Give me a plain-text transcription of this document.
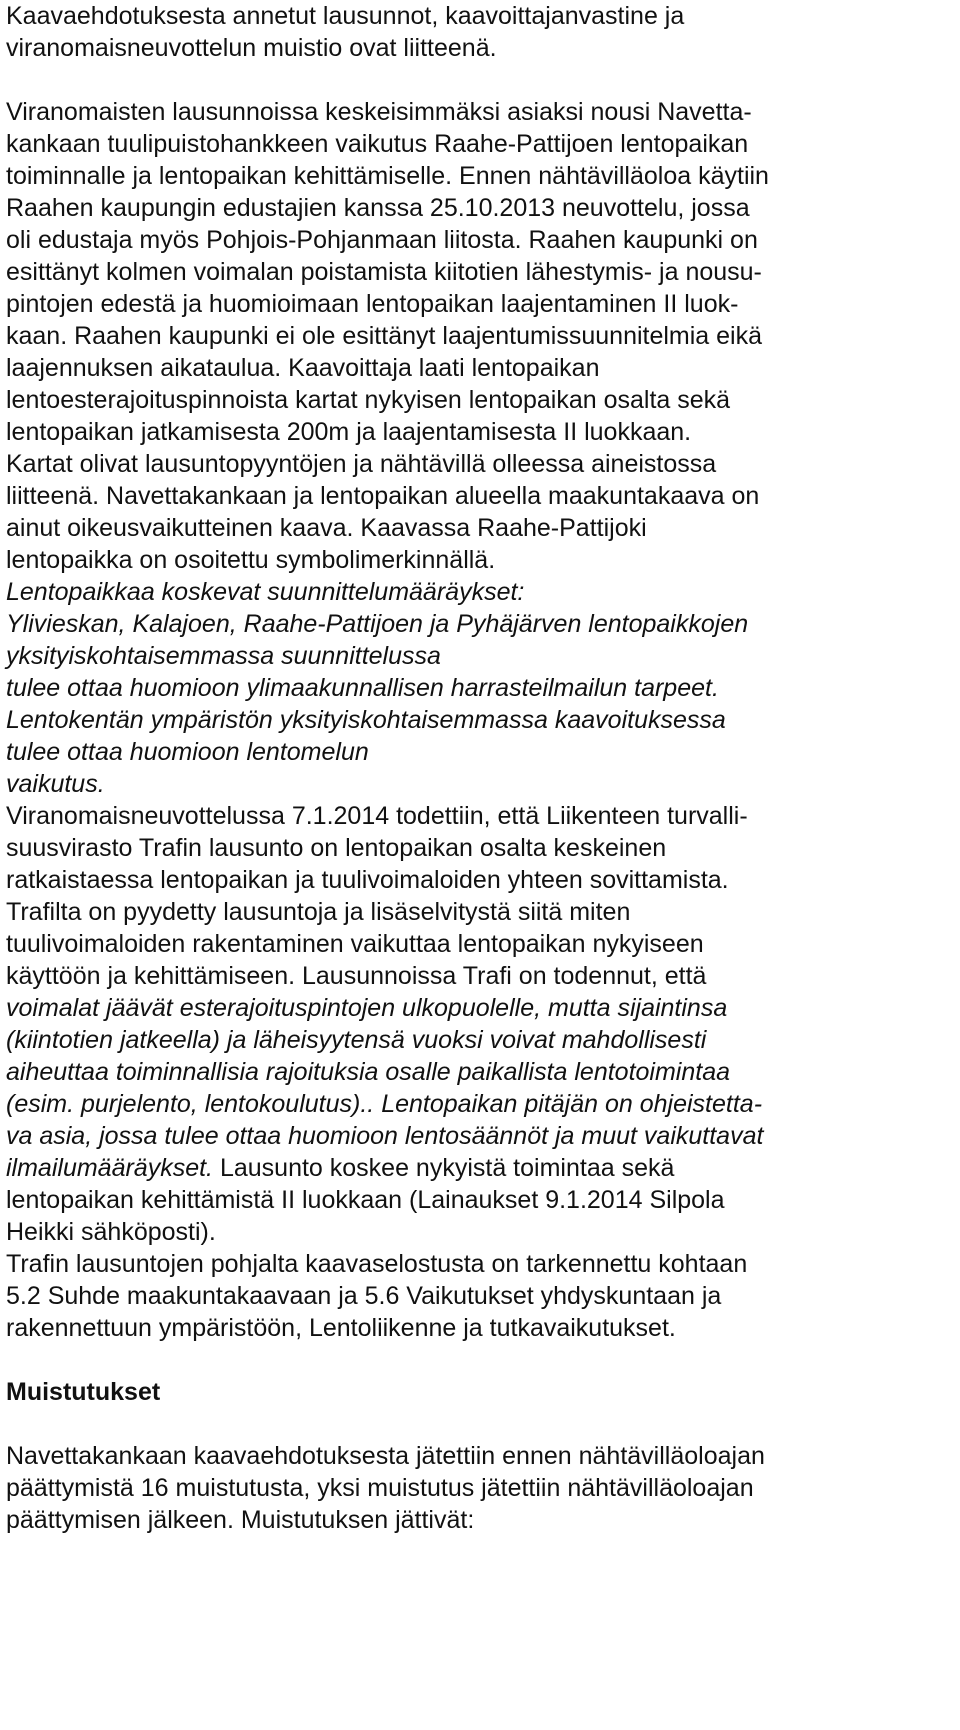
Kaavaehdotuksesta annetut lausunnot, kaavoittajanvastine ja

viranomaisneuvottelun muistio ovat liitteenä.

Viranomaisten lausunnoissa keskeisimmäksi asiaksi nousi Navetta-

kankaan tuulipuistohankkeen vaikutus Raahe-Pattijoen lentopaikan

toiminnalle ja lentopaikan kehittämiselle. Ennen nähtävilläoloa käytiin

Raahen kaupungin edustajien kanssa 25.10.2013 neuvottelu, jossa

oli edustaja myös Pohjois-Pohjanmaan liitosta. Raahen kaupunki on

esittänyt kolmen voimalan poistamista kiitotien lähestymis- ja nousu-

pintojen edestä ja huomioimaan lentopaikan laajentaminen II luok-

kaan. Raahen kaupunki ei ole esittänyt laajentumissuunnitelmia eikä

laajennuksen aikataulua. Kaavoittaja laati lentopaikan

lentoesterajoituspinnoista kartat nykyisen lentopaikan osalta sekä

lentopaikan jatkamisesta 200m ja laajentamisesta II luokkaan.

Kartat olivat lausuntopyyntöjen ja nähtävillä olleessa aineistossa

liitteenä. Navettakankaan ja lentopaikan alueella maakuntakaava on

ainut oikeusvaikutteinen kaava. Kaavassa Raahe-Pattijoki

lentopaikka on osoitettu symbolimerkinnällä.

Lentopaikkaa koskevat suunnittelumääräykset:

Ylivieskan, Kalajoen, Raahe-Pattijoen ja Pyhäjärven lentopaikkojen

yksityiskohtaisemmassa suunnittelussa

tulee ottaa huomioon ylimaakunnallisen harrasteilmailun tarpeet.

Lentokentän ympäristön yksityiskohtaisemmassa kaavoituksessa

tulee ottaa huomioon lentomelun

vaikutus.

Viranomaisneuvottelussa 7.1.2014 todettiin, että Liikenteen turvalli-

suusvirasto Trafin lausunto on lentopaikan osalta keskeinen

ratkaistaessa lentopaikan ja tuulivoimaloiden yhteen sovittamista.

Trafilta on pyydetty lausuntoja ja lisäselvitystä siitä miten

tuulivoimaloiden rakentaminen vaikuttaa lentopaikan nykyiseen

käyttöön ja kehittämiseen. Lausunnoissa Trafi on todennut, että

voimalat jäävät esterajoituspintojen ulkopuolelle, mutta sijaintinsa

(kiintotien jatkeella) ja läheisyytensä vuoksi voivat mahdollisesti

aiheuttaa toiminnallisia rajoituksia osalle paikallista lentotoimintaa

(esim. purjelento, lentokoulutus).. Lentopaikan pitäjän on ohjeistetta-

va asia, jossa tulee ottaa huomioon lentosäännöt ja muut vaikuttavat

ilmailumääräykset. Lausunto koskee nykyistä toimintaa sekä

lentopaikan kehittämistä II luokkaan (Lainaukset 9.1.2014 Silpola

Heikki sähköposti).

Trafin lausuntojen pohjalta kaavaselostusta on tarkennettu kohtaan

5.2 Suhde maakuntakaavaan ja 5.6 Vaikutukset yhdyskuntaan ja

rakennettuun ympäristöön, Lentoliikenne ja tutkavaikutukset.

Muistutukset

Navettakankaan kaavaehdotuksesta jätettiin ennen nähtävilläoloajan

päättymistä 16 muistutusta, yksi muistutus jätettiin nähtävilläoloajan

päättymisen jälkeen. Muistutuksen jättivät:
